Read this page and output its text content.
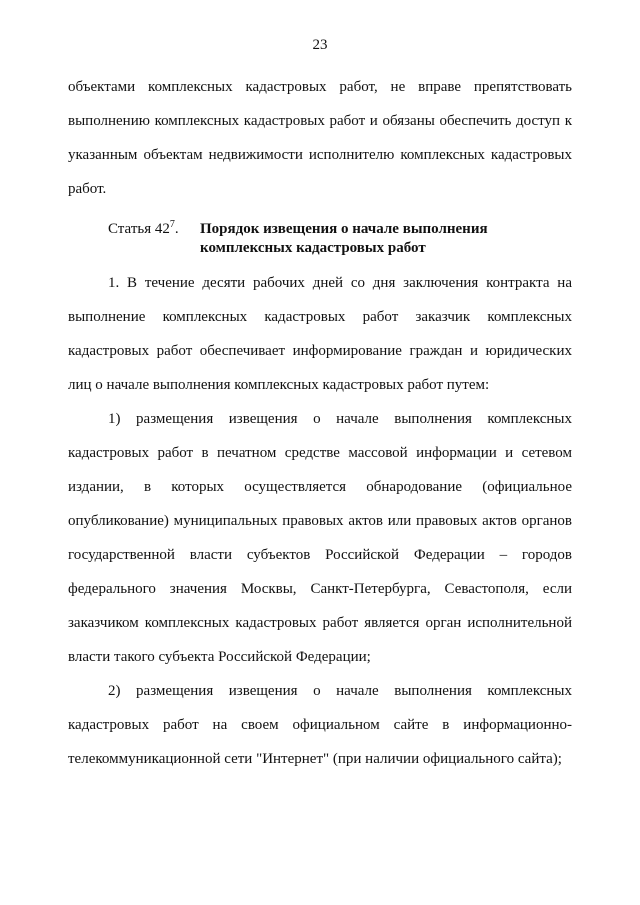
23

объектами комплексных кадастровых работ, не вправе препятствовать выполнению комплексных кадастровых работ и обязаны обеспечить доступ к указанным объектам недвижимости исполнителю комплексных кадастровых работ.

Статья $42^7$.	Порядок извещения о начале выполнения комплексных кадастровых работ

1. В течение десяти рабочих дней со дня заключения контракта на выполнение комплексных кадастровых работ заказчик комплексных кадастровых работ обеспечивает информирование граждан и юридических лиц о начале выполнения комплексных кадастровых работ путем:

1) размещения извещения о начале выполнения комплексных кадастровых работ в печатном средстве массовой информации и сетевом издании, в которых осуществляется обнародование (официальное опубликование) муниципальных правовых актов или правовых актов органов государственной власти субъектов Российской Федерации – городов федерального значения Москвы, Санкт-Петербурга, Севастополя, если заказчиком комплексных кадастровых работ является орган исполнительной власти такого субъекта Российской Федерации;

2) размещения извещения о начале выполнения комплексных кадастровых работ на своем официальном сайте в информационно-телекоммуникационной сети "Интернет" (при наличии официального сайта);
